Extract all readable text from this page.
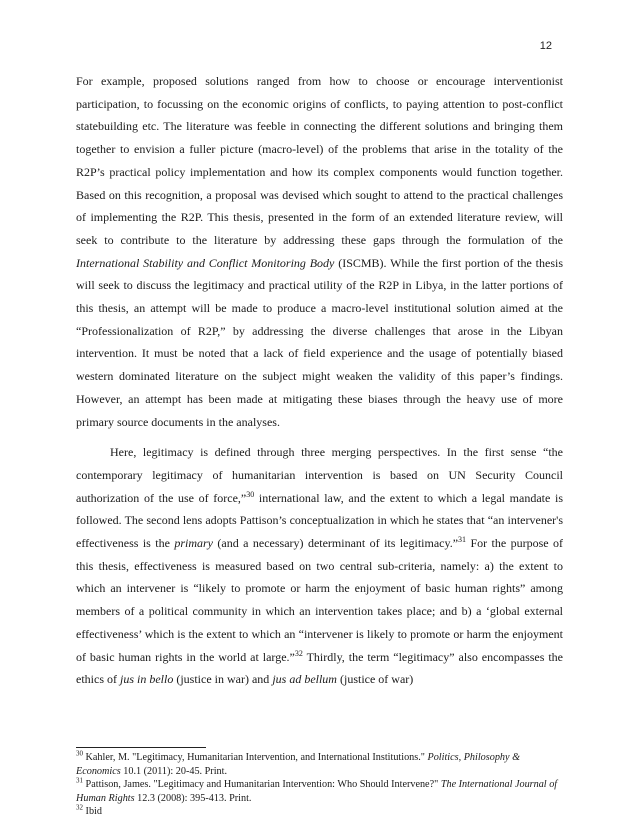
12

For example, proposed solutions ranged from how to choose or encourage interventionist participation, to focussing on the economic origins of conflicts, to paying attention to post-conflict statebuilding etc. The literature was feeble in connecting the different solutions and bringing them together to envision a fuller picture (macro-level) of the problems that arise in the totality of the R2P’s practical policy implementation and how its complex components would function together. Based on this recognition, a proposal was devised which sought to attend to the practical challenges of implementing the R2P. This thesis, presented in the form of an extended literature review, will seek to contribute to the literature by addressing these gaps through the formulation of the International Stability and Conflict Monitoring Body (ISCMB). While the first portion of the thesis will seek to discuss the legitimacy and practical utility of the R2P in Libya, in the latter portions of this thesis, an attempt will be made to produce a macro-level institutional solution aimed at the “Professionalization of R2P,” by addressing the diverse challenges that arose in the Libyan intervention. It must be noted that a lack of field experience and the usage of potentially biased western dominated literature on the subject might weaken the validity of this paper’s findings. However, an attempt has been made at mitigating these biases through the heavy use of more primary source documents in the analyses.

Here, legitimacy is defined through three merging perspectives. In the first sense “the contemporary legitimacy of humanitarian intervention is based on UN Security Council authorization of the use of force,”$^{30}$ international law, and the extent to which a legal mandate is followed. The second lens adopts Pattison’s conceptualization in which he states that “an intervener's effectiveness is the primary (and a necessary) determinant of its legitimacy.”$^{31}$ For the purpose of this thesis, effectiveness is measured based on two central sub-criteria, namely: a) the extent to which an intervener is “likely to promote or harm the enjoyment of basic human rights” among members of a political community in which an intervention takes place; and b) a ‘global external effectiveness’ which is the extent to which an “intervener is likely to promote or harm the enjoyment of basic human rights in the world at large.”$^{32}$ Thirdly, the term “legitimacy” also encompasses the ethics of jus in bello (justice in war) and jus ad bellum (justice of war)

$^{30}$ Kahler, M. "Legitimacy, Humanitarian Intervention, and International Institutions." Politics, Philosophy & Economics 10.1 (2011): 20-45. Print.
$^{31}$ Pattison, James. "Legitimacy and Humanitarian Intervention: Who Should Intervene?" The International Journal of Human Rights 12.3 (2008): 395-413. Print.
$^{32}$ Ibid
